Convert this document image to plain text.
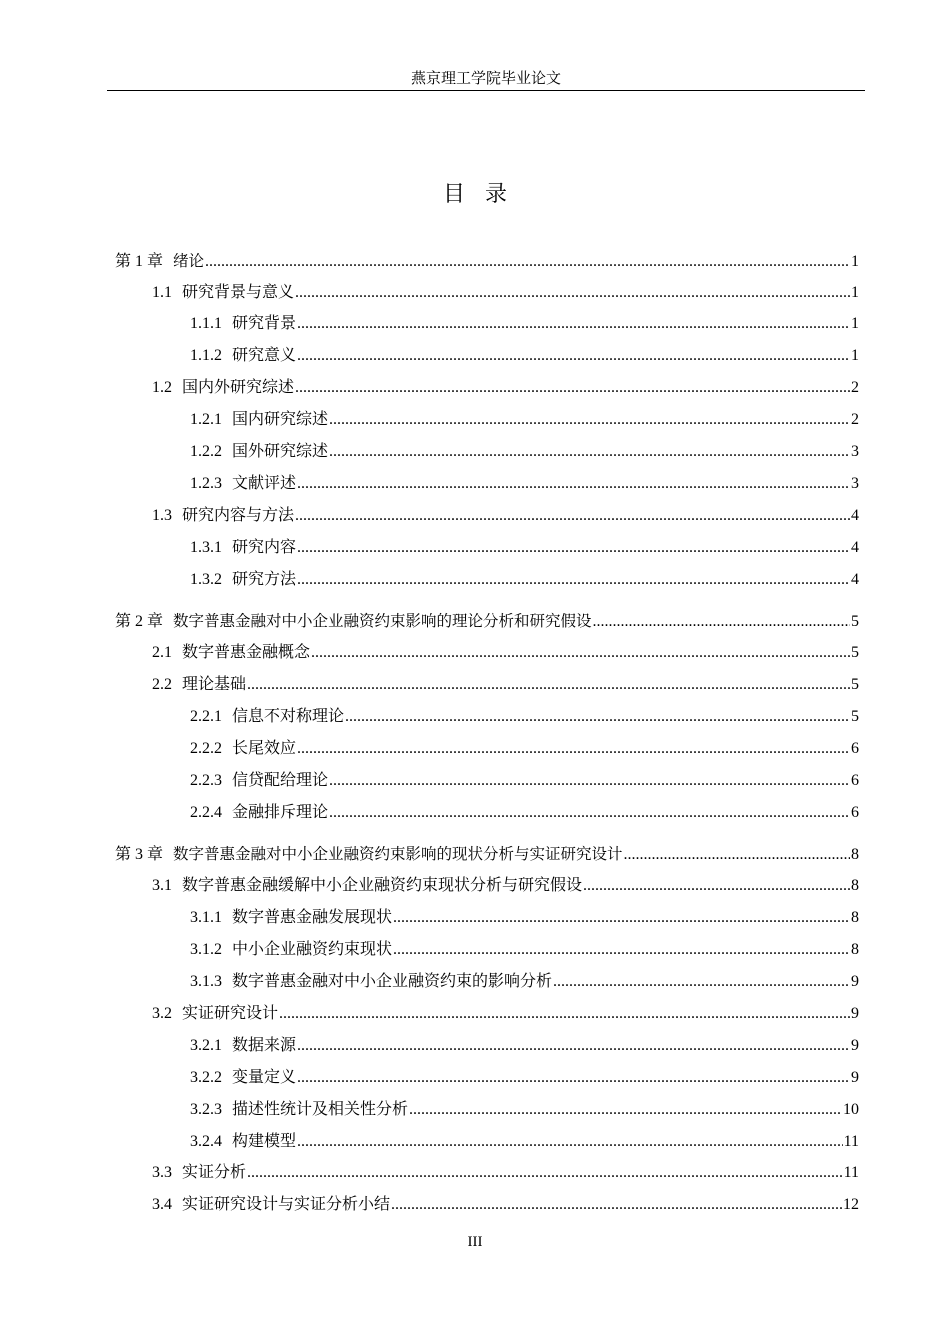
燕京理工学院毕业论文
目录
第 1 章 绪论 .....	1
1.1 研究背景与意义 .....	1
1.1.1 研究背景 .....	1
1.1.2 研究意义 .....	1
1.2 国内外研究综述 .....	2
1.2.1 国内研究综述 .....	2
1.2.2 国外研究综述 .....	3
1.2.3 文献评述 .....	3
1.3 研究内容与方法 .....	4
1.3.1 研究内容 .....	4
1.3.2 研究方法 .....	4
第 2 章 数字普惠金融对中小企业融资约束影响的理论分析和研究假设 .....	5
2.1 数字普惠金融概念 .....	5
2.2 理论基础 .....	5
2.2.1 信息不对称理论 .....	5
2.2.2 长尾效应 .....	6
2.2.3 信贷配给理论 .....	6
2.2.4 金融排斥理论 .....	6
第 3 章 数字普惠金融对中小企业融资约束影响的现状分析与实证研究设计 .....	8
3.1 数字普惠金融缓解中小企业融资约束现状分析与研究假设 .....	8
3.1.1 数字普惠金融发展现状 .....	8
3.1.2 中小企业融资约束现状 .....	8
3.1.3 数字普惠金融对中小企业融资约束的影响分析 .....	9
3.2 实证研究设计 .....	9
3.2.1 数据来源 .....	9
3.2.2 变量定义 .....	9
3.2.3 描述性统计及相关性分析 .....	10
3.2.4 构建模型 .....	11
3.3 实证分析 .....	11
3.4 实证研究设计与实证分析小结 .....	12
III
